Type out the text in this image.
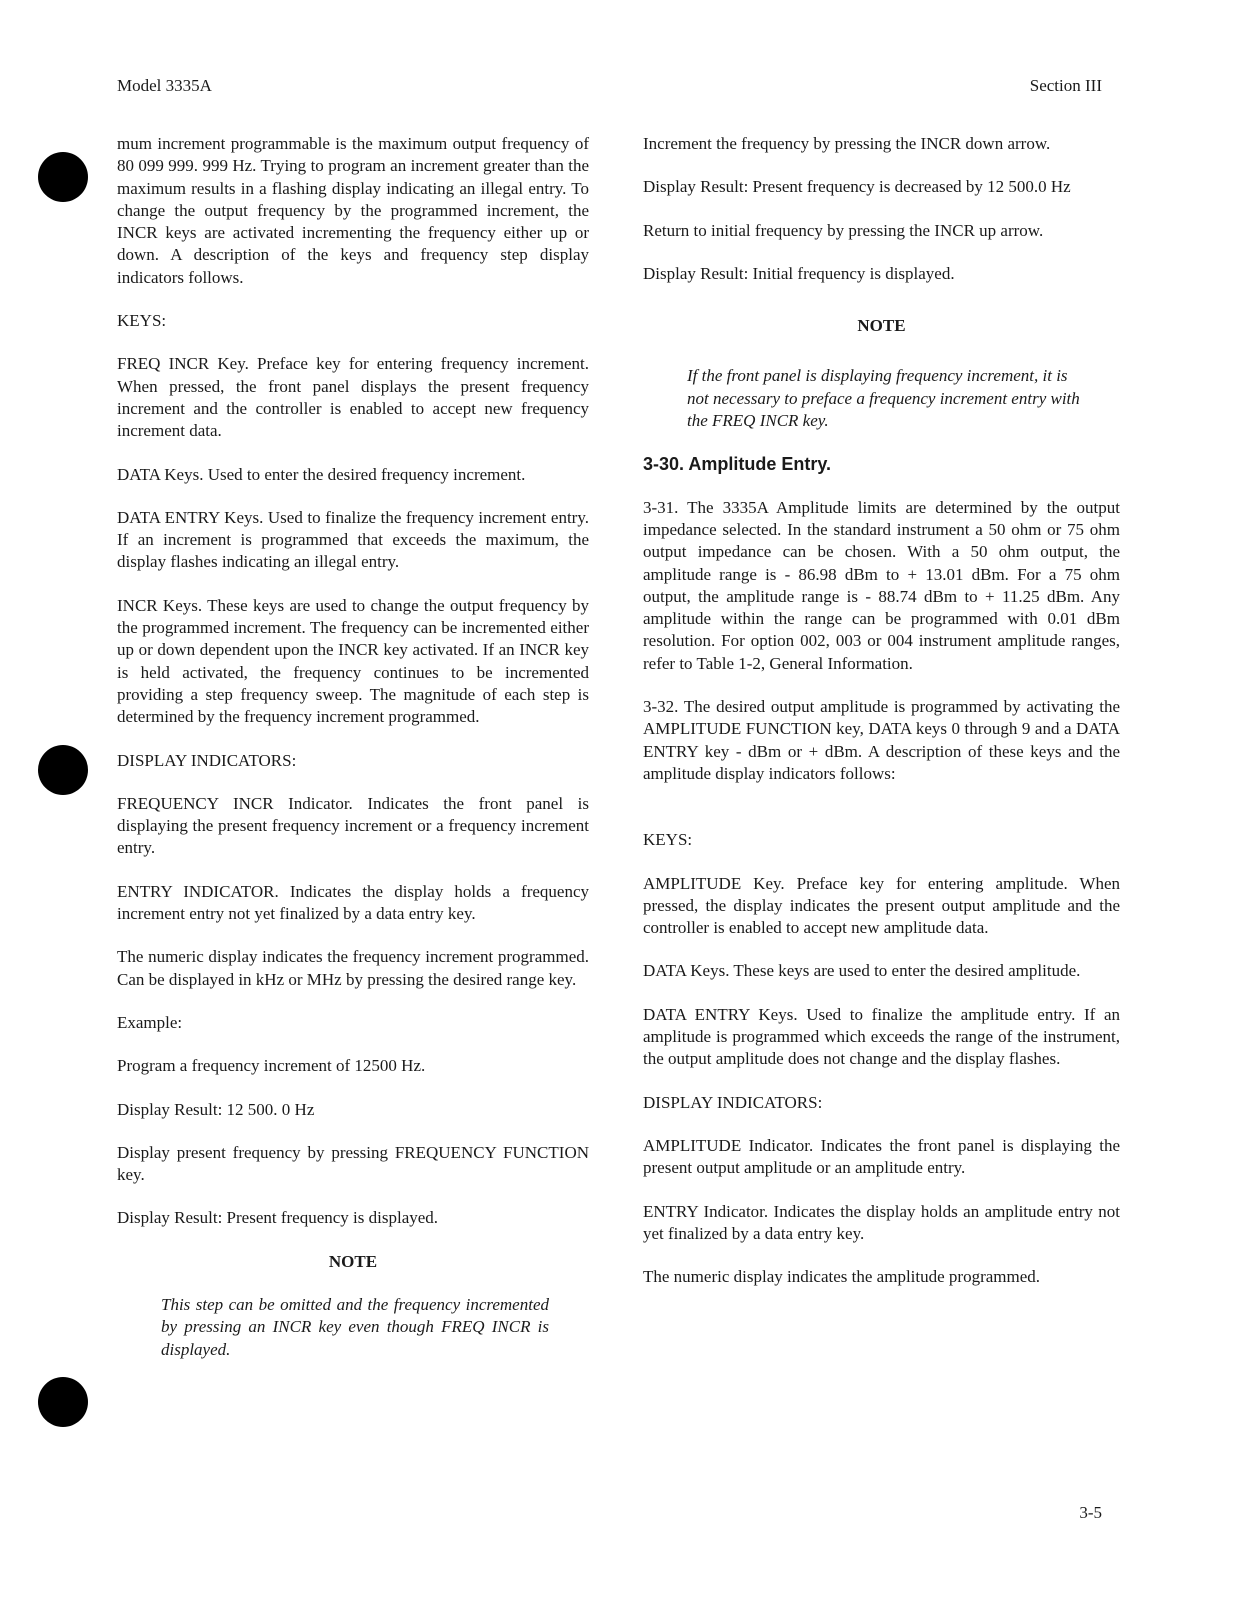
Model 3335A	Section III

mum increment programmable is the maximum output frequency of 80 099 999. 999 Hz. Trying to program an increment greater than the maximum results in a flashing display indicating an illegal entry. To change the output frequency by the programmed increment, the INCR keys are activated incrementing the frequency either up or down. A description of the keys and frequency step display indicators follows.

KEYS:

FREQ INCR Key. Preface key for entering frequency increment. When pressed, the front panel displays the present frequency increment and the controller is enabled to accept new frequency increment data.

DATA Keys. Used to enter the desired frequency increment.

DATA ENTRY Keys. Used to finalize the frequency increment entry. If an increment is programmed that exceeds the maximum, the display flashes indicating an illegal entry.

INCR Keys. These keys are used to change the output frequency by the programmed increment. The frequency can be incremented either up or down dependent upon the INCR key activated. If an INCR key is held activated, the frequency continues to be incremented providing a step frequency sweep. The magnitude of each step is determined by the frequency increment programmed.

DISPLAY INDICATORS:

FREQUENCY INCR Indicator. Indicates the front panel is displaying the present frequency increment or a frequency increment entry.

ENTRY INDICATOR. Indicates the display holds a frequency increment entry not yet finalized by a data entry key.

The numeric display indicates the frequency increment programmed. Can be displayed in kHz or MHz by pressing the desired range key.

Example:

Program a frequency increment of 12500 Hz.

Display Result: 12 500. 0 Hz

Display present frequency by pressing FREQUENCY FUNCTION key.

Display Result: Present frequency is displayed.

NOTE

This step can be omitted and the frequency incremented by pressing an INCR key even though FREQ INCR is displayed.

Increment the frequency by pressing the INCR down arrow.

Display Result: Present frequency is decreased by 12 500.0 Hz

Return to initial frequency by pressing the INCR up arrow.

Display Result: Initial frequency is displayed.

NOTE

If the front panel is displaying frequency increment, it is not necessary to preface a frequency increment entry with the FREQ INCR key.

3-30. Amplitude Entry.

3-31. The 3335A Amplitude limits are determined by the output impedance selected. In the standard instrument a 50 ohm or 75 ohm output impedance can be chosen. With a 50 ohm output, the amplitude range is - 86.98 dBm to + 13.01 dBm. For a 75 ohm output, the amplitude range is - 88.74 dBm to + 11.25 dBm. Any amplitude within the range can be programmed with 0.01 dBm resolution. For option 002, 003 or 004 instrument amplitude ranges, refer to Table 1-2, General Information.

3-32. The desired output amplitude is programmed by activating the AMPLITUDE FUNCTION key, DATA keys 0 through 9 and a DATA ENTRY key - dBm or + dBm. A description of these keys and the amplitude display indicators follows:

KEYS:

AMPLITUDE Key. Preface key for entering amplitude. When pressed, the display indicates the present output amplitude and the controller is enabled to accept new amplitude data.

DATA Keys. These keys are used to enter the desired amplitude.

DATA ENTRY Keys. Used to finalize the amplitude entry. If an amplitude is programmed which exceeds the range of the instrument, the output amplitude does not change and the display flashes.

DISPLAY INDICATORS:

AMPLITUDE Indicator. Indicates the front panel is displaying the present output amplitude or an amplitude entry.

ENTRY Indicator. Indicates the display holds an amplitude entry not yet finalized by a data entry key.

The numeric display indicates the amplitude programmed.

3-5
